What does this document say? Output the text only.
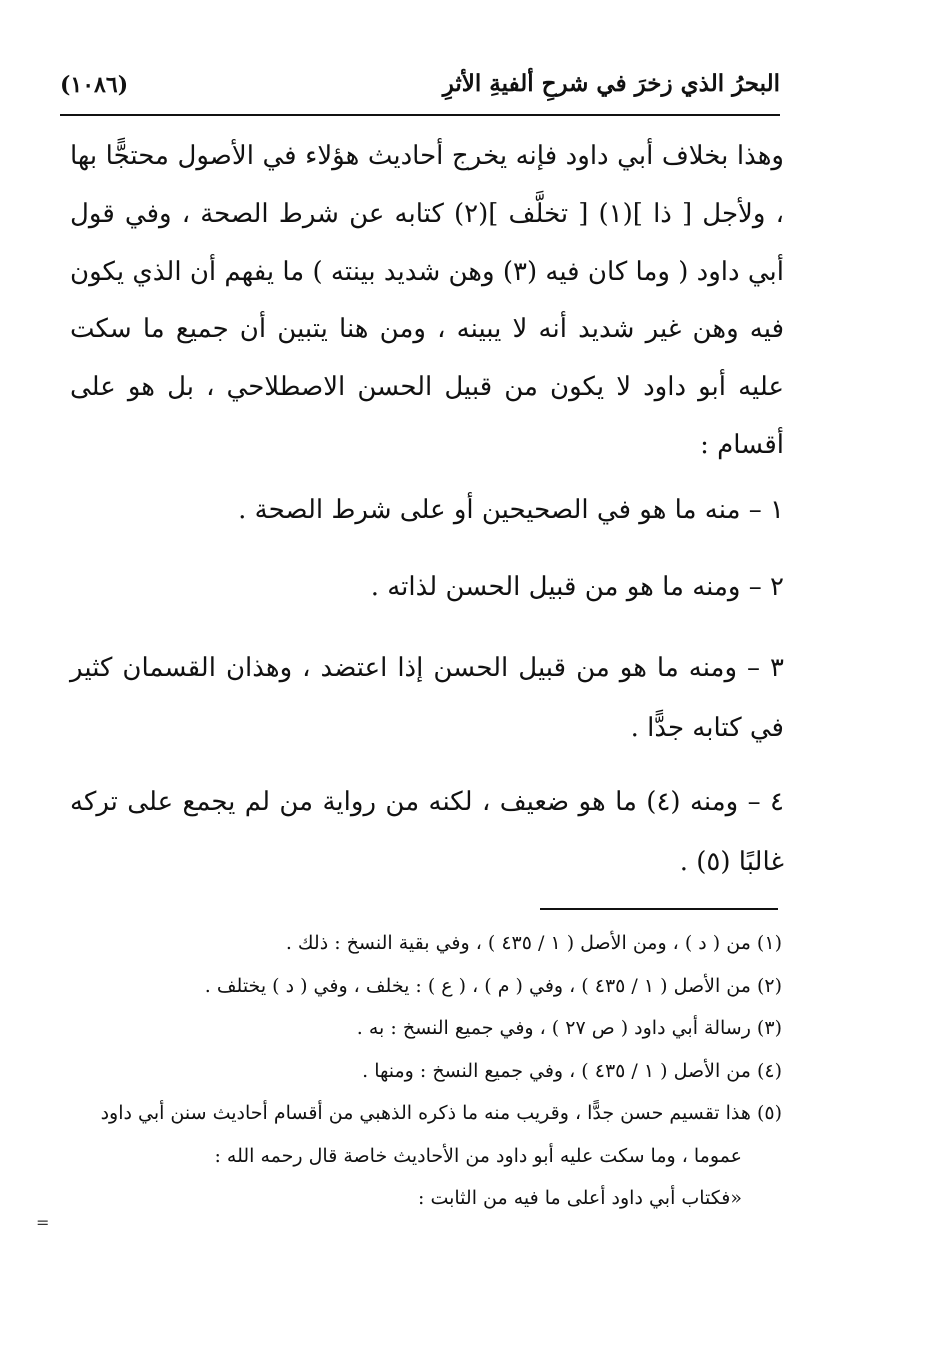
البحرُ الذي زخرَ في شرحِ ألفيةِ الأثرِ
(١٠٨٦)

وهذا بخلاف أبي داود فإنه يخرج أحاديث هؤلاء في الأصول محتجًّا بها ، ولأجل [ ذا ](١) [ تخلَّف ](٢) كتابه عن شرط الصحة ، وفي قول أبي داود ( وما كان فيه (٣) وهن شديد بينته ) ما يفهم أن الذي يكون فيه وهن غير شديد أنه لا يبينه ، ومن هنا يتبين أن جميع ما سكت عليه أبو داود لا يكون من قبيل الحسن الاصطلاحي ، بل هو على أقسام :

١ – منه ما هو في الصحيحين أو على شرط الصحة .

٢ – ومنه ما هو من قبيل الحسن لذاته .

٣ – ومنه ما هو من قبيل الحسن إذا اعتضد ، وهذان القسمان كثير في كتابه جدًّا .

٤ – ومنه (٤) ما هو ضعيف ، لكنه من رواية من لم يجمع على تركه غالبًا (٥) .

(١) من ( د ) ، ومن الأصل ( ١ / ٤٣٥ ) ، وفي بقية النسخ : ذلك .

(٢) من الأصل ( ١ / ٤٣٥ ) ، وفي ( م ) ، ( ع ) : يخلف ، وفي ( د ) يختلف .

(٣) رسالة أبي داود ( ص ٢٧ ) ، وفي جميع النسخ : به .

(٤) من الأصل ( ١ / ٤٣٥ ) ، وفي جميع النسخ : ومنها .

(٥) هذا تقسيم حسن جدًّا ، وقريب منه ما ذكره الذهبي من أقسام أحاديث سنن أبي داود

عموما ، وما سكت عليه أبو داود من الأحاديث خاصة قال رحمه الله :

«فكتاب أبي داود أعلى ما فيه من الثابت :

=
